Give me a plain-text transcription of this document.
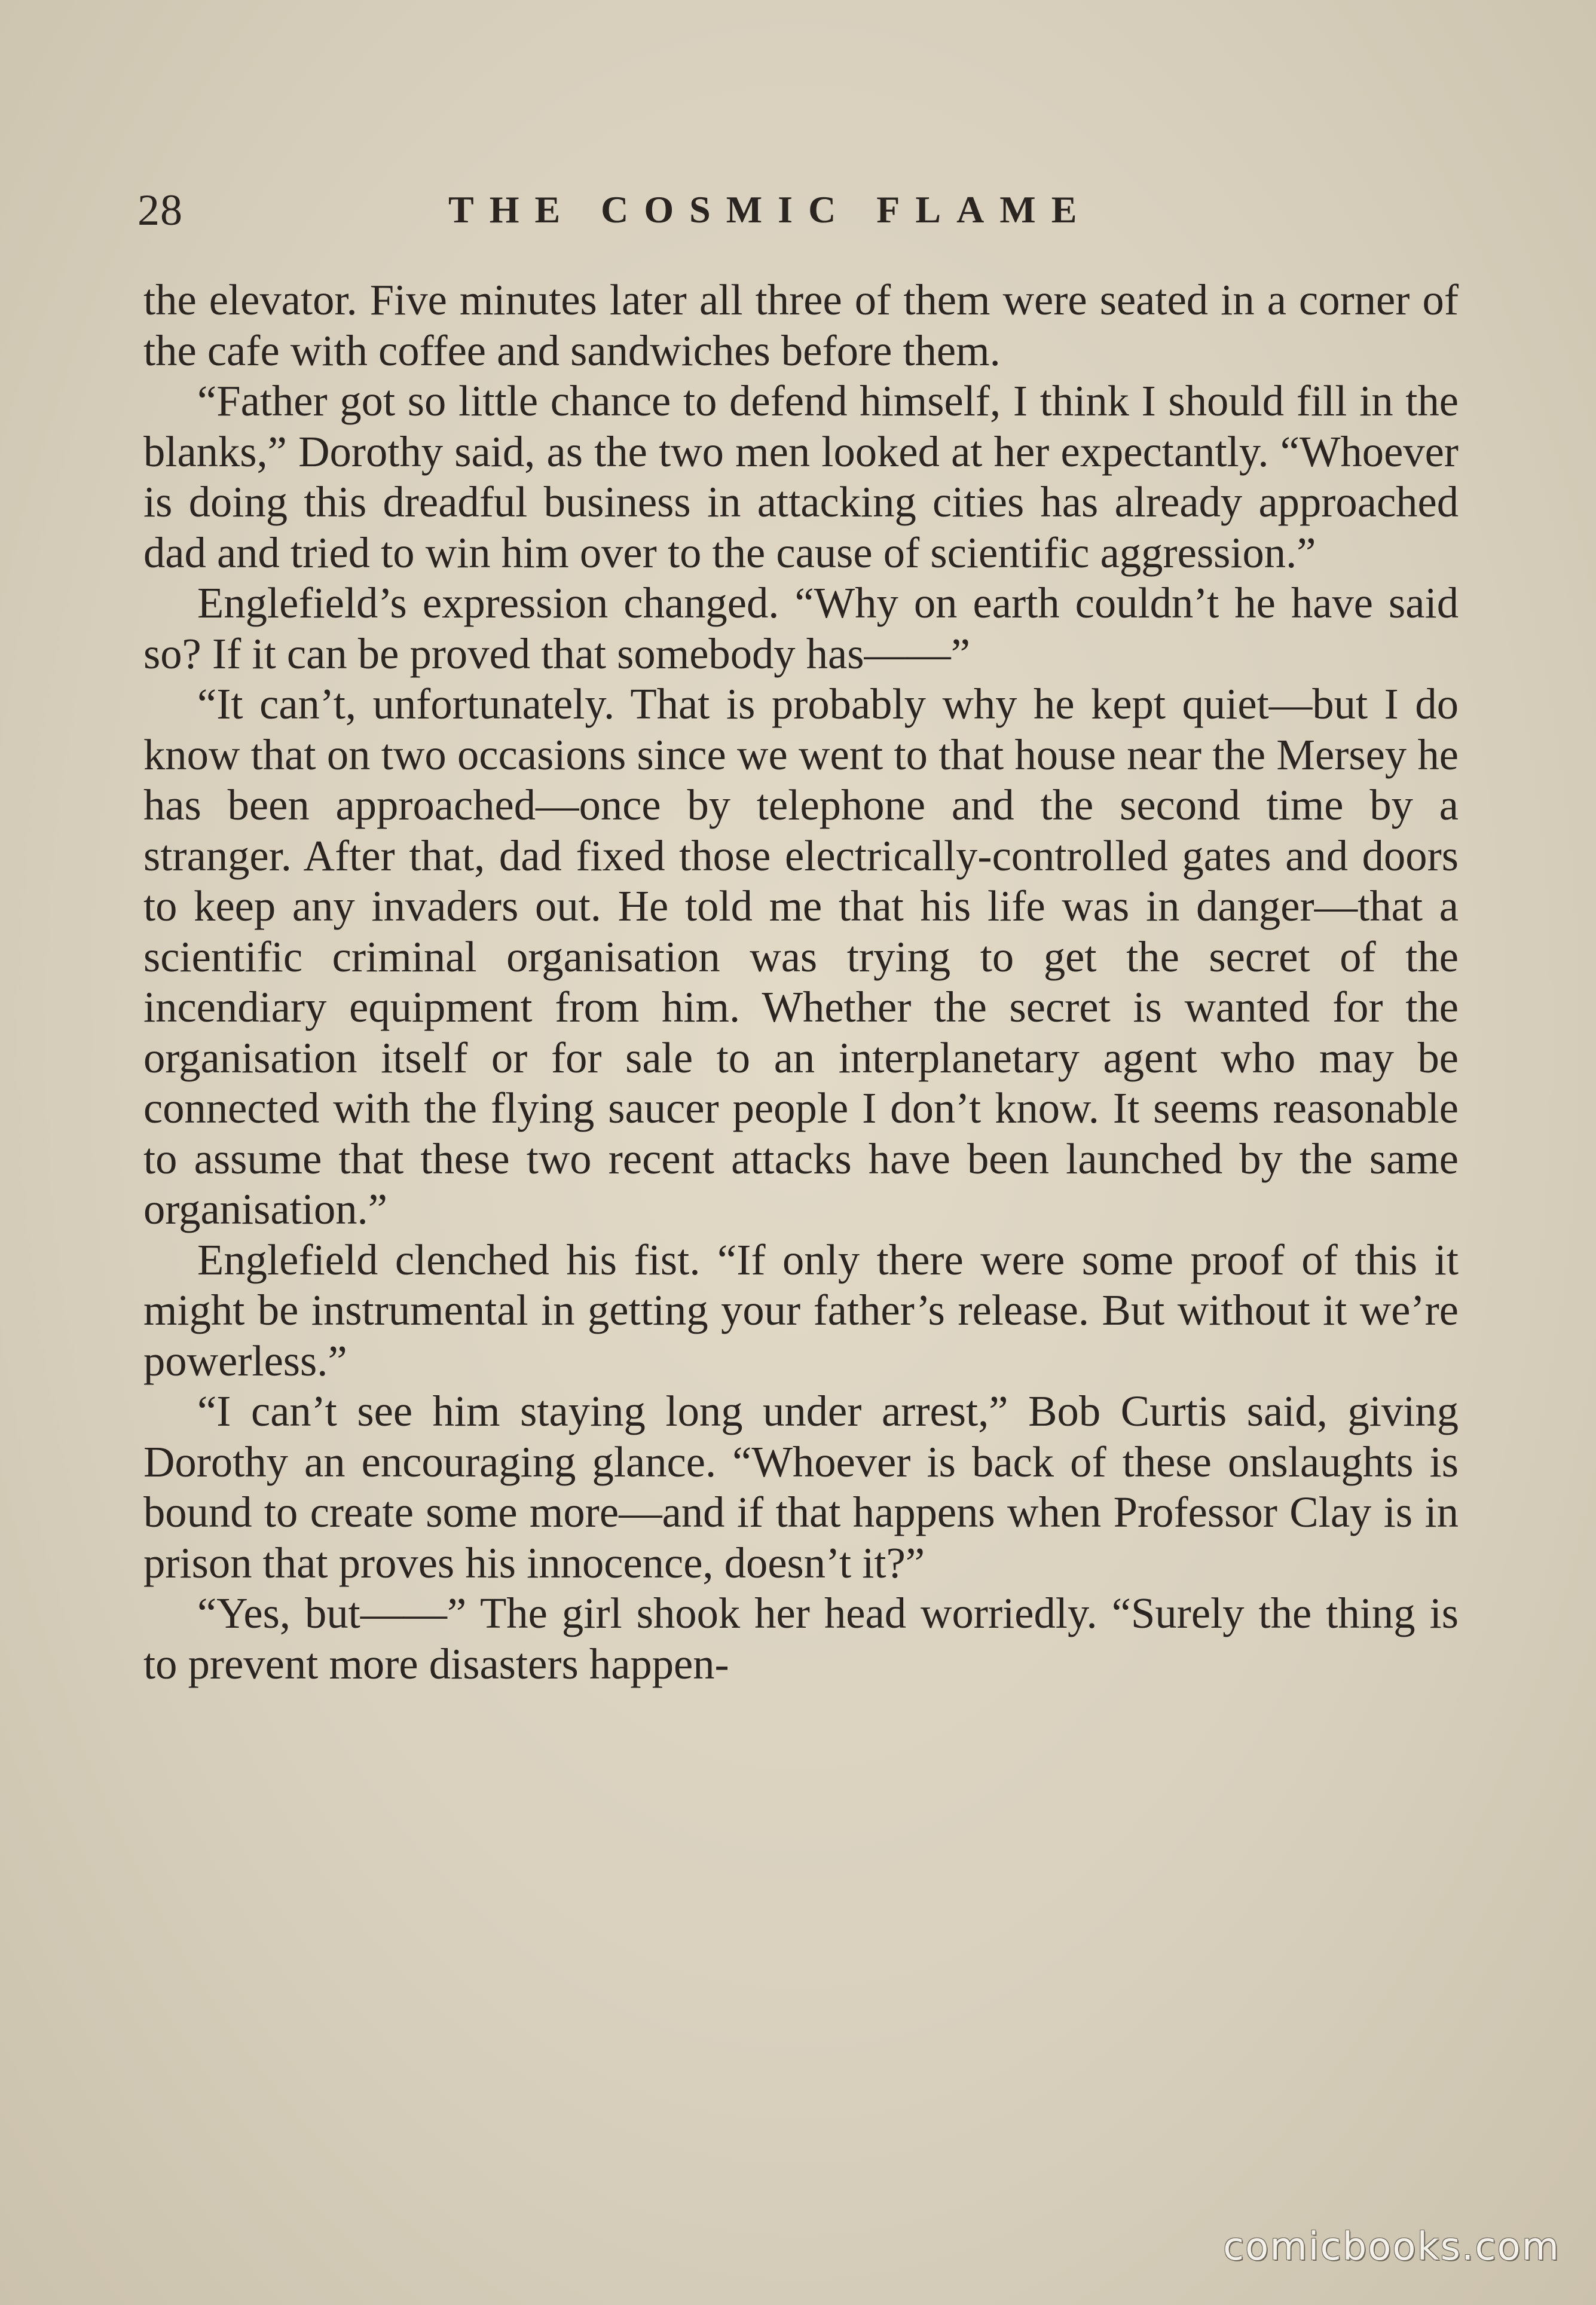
28	THE COSMIC FLAME

the elevator. Five minutes later all three of them were seated in a corner of the cafe with coffee and sandwiches before them.

“Father got so little chance to defend himself, I think I should fill in the blanks,” Dorothy said, as the two men looked at her expectantly. “Whoever is doing this dreadful business in attacking cities has already approached dad and tried to win him over to the cause of scientific aggression.”

Englefield’s expression changed. “Why on earth couldn’t he have said so? If it can be proved that somebody has——”

“It can’t, unfortunately. That is probably why he kept quiet—but I do know that on two occasions since we went to that house near the Mersey he has been approached—once by telephone and the second time by a stranger. After that, dad fixed those electrically-controlled gates and doors to keep any invaders out. He told me that his life was in danger—that a scientific criminal organisation was trying to get the secret of the incendiary equipment from him. Whether the secret is wanted for the organisation itself or for sale to an interplanetary agent who may be connected with the flying saucer people I don’t know. It seems reasonable to assume that these two recent attacks have been launched by the same organisation.”

Englefield clenched his fist. “If only there were some proof of this it might be instrumental in getting your father’s release. But without it we’re powerless.”

“I can’t see him staying long under arrest,” Bob Curtis said, giving Dorothy an encouraging glance. “Whoever is back of these onslaughts is bound to create some more—and if that happens when Professor Clay is in prison that proves his innocence, doesn’t it?”

“Yes, but——” The girl shook her head worriedly. “Surely the thing is to prevent more disasters happen-

comicbooks.com
